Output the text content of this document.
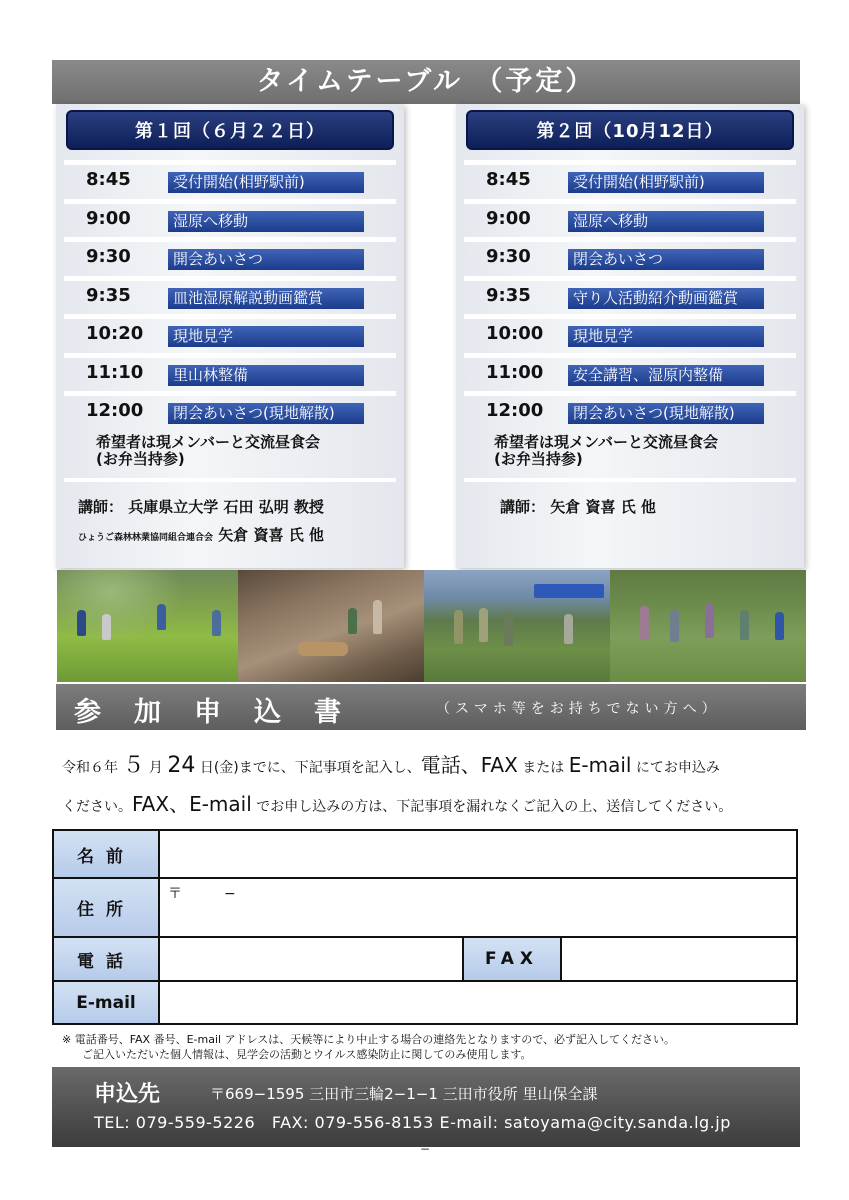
タイムテーブル （予定）
第１回（６月２２日）
8:45	受付開始(相野駅前)
9:00	湿原へ移動
9:30	開会あいさつ
9:35	皿池湿原解説動画鑑賞
10:20	現地見学
11:10	里山林整備
12:00	閉会あいさつ(現地解散)
希望者は現メンバーと交流昼食会
(お弁当持参)
講師： 兵庫県立大学 石田 弘明 教授
ひょうご森林林業協同組合連合会 矢倉 資喜 氏 他
第２回（10月12日）
8:45	受付開始(相野駅前)
9:00	湿原へ移動
9:30	閉会あいさつ
9:35	守り人活動紹介動画鑑賞
10:00	現地見学
11:00	安全講習、湿原内整備
12:00	閉会あいさつ(現地解散)
希望者は現メンバーと交流昼食会
(お弁当持参)
講師： 矢倉 資喜 氏 他
参加申込書	（スマホ等をお持ちでない方へ）
令和６年 ５ 月 24 日(金)までに、下記事項を記入し、電話、FAX または E-mail にてお申込み
ください。FAX、E-mail でお申し込みの方は、下記事項を漏れなくご記入の上、送信してください。
名前
住所
〒　　　−
電話	FAX
E-mail
※ 電話番号、FAX 番号、E-mail アドレスは、天候等により中止する場合の連絡先となりますので、必ず記入してください。
ご記入いただいた個人情報は、見学会の活動とウイルス感染防止に関してのみ使用します。
申込先	〒669−1595 三田市三輪2−1−1 三田市役所 里山保全課
TEL: 079-559-5226 FAX: 079-556-8153 E-mail: satoyama@city.sanda.lg.jp
−
